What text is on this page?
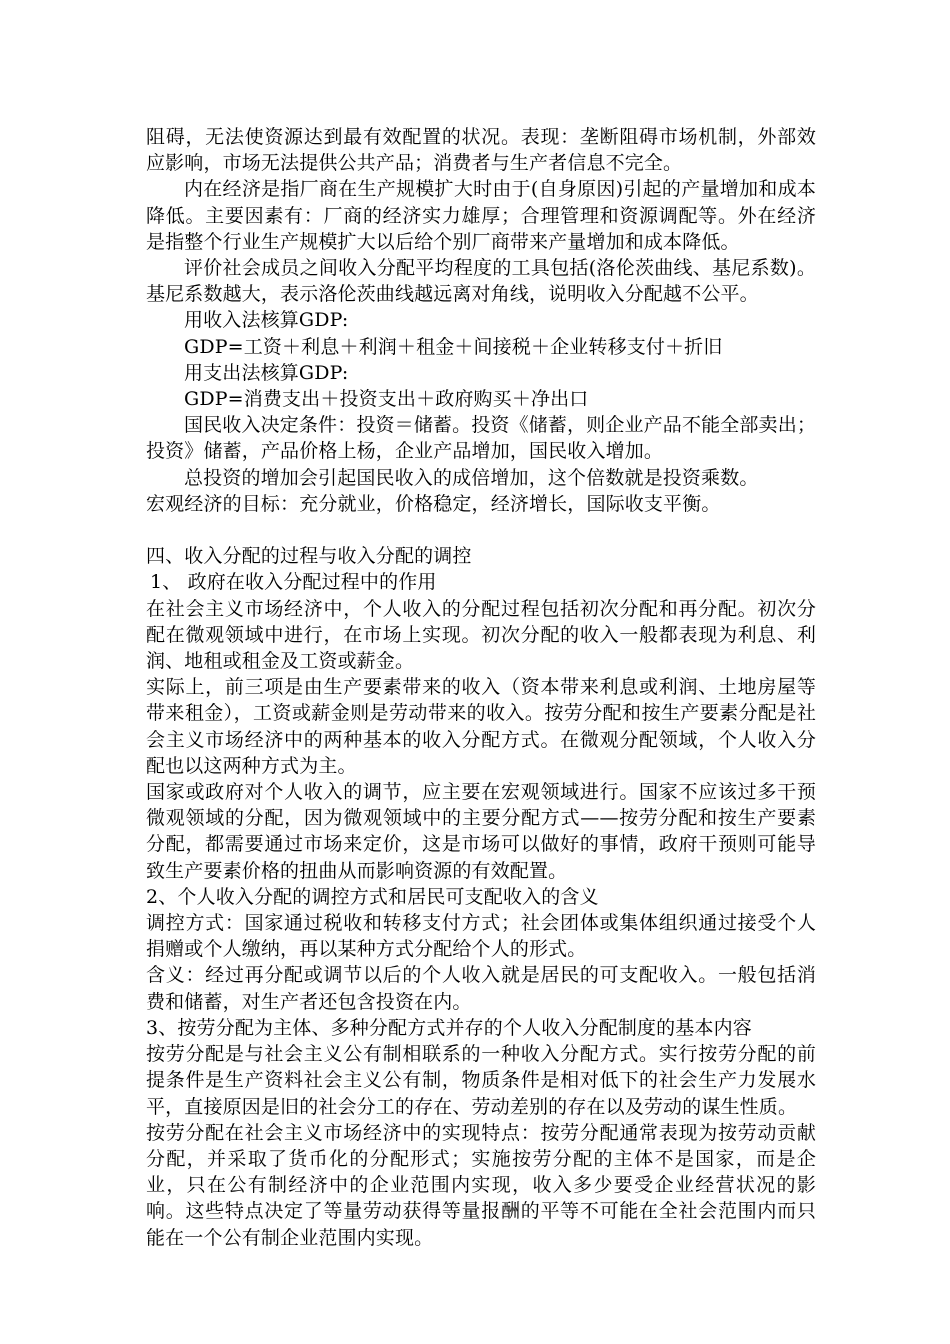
阻碍，无法使资源达到最有效配置的状况。表现：垄断阻碍市场机制，外部效应影响，市场无法提供公共产品；消费者与生产者信息不完全。

内在经济是指厂商在生产规模扩大时由于(自身原因)引起的产量增加和成本降低。主要因素有：厂商的经济实力雄厚；合理管理和资源调配等。外在经济是指整个行业生产规模扩大以后给个别厂商带来产量增加和成本降低。

评价社会成员之间收入分配平均程度的工具包括(洛伦茨曲线、基尼系数)。基尼系数越大，表示洛伦茨曲线越远离对角线，说明收入分配越不公平。

用收入法核算GDP:

GDP=工资＋利息＋利润＋租金＋间接税＋企业转移支付＋折旧

用支出法核算GDP:

GDP=消费支出＋投资支出＋政府购买＋净出口

国民收入决定条件：投资＝储蓄。投资《储蓄，则企业产品不能全部卖出；投资》储蓄，产品价格上杨，企业产品增加，国民收入增加。

总投资的增加会引起国民收入的成倍增加，这个倍数就是投资乘数。

宏观经济的目标：充分就业，价格稳定，经济增长，国际收支平衡。

四、收入分配的过程与收入分配的调控

1、 政府在收入分配过程中的作用

在社会主义市场经济中，个人收入的分配过程包括初次分配和再分配。初次分配在微观领域中进行，在市场上实现。初次分配的收入一般都表现为利息、利润、地租或租金及工资或薪金。

实际上，前三项是由生产要素带来的收入（资本带来利息或利润、土地房屋等带来租金），工资或薪金则是劳动带来的收入。按劳分配和按生产要素分配是社会主义市场经济中的两种基本的收入分配方式。在微观分配领域，个人收入分配也以这两种方式为主。

国家或政府对个人收入的调节，应主要在宏观领域进行。国家不应该过多干预微观领域的分配，因为微观领域中的主要分配方式——按劳分配和按生产要素分配，都需要通过市场来定价，这是市场可以做好的事情，政府干预则可能导致生产要素价格的扭曲从而影响资源的有效配置。

2、个人收入分配的调控方式和居民可支配收入的含义

调控方式：国家通过税收和转移支付方式；社会团体或集体组织通过接受个人捐赠或个人缴纳，再以某种方式分配给个人的形式。

含义：经过再分配或调节以后的个人收入就是居民的可支配收入。一般包括消费和储蓄，对生产者还包含投资在内。

3、按劳分配为主体、多种分配方式并存的个人收入分配制度的基本内容

按劳分配是与社会主义公有制相联系的一种收入分配方式。实行按劳分配的前提条件是生产资料社会主义公有制，物质条件是相对低下的社会生产力发展水平，直接原因是旧的社会分工的存在、劳动差别的存在以及劳动的谋生性质。

按劳分配在社会主义市场经济中的实现特点：按劳分配通常表现为按劳动贡献分配，并采取了货币化的分配形式；实施按劳分配的主体不是国家，而是企业，只在公有制经济中的企业范围内实现，收入多少要受企业经营状况的影响。这些特点决定了等量劳动获得等量报酬的平等不可能在全社会范围内而只能在一个公有制企业范围内实现。
